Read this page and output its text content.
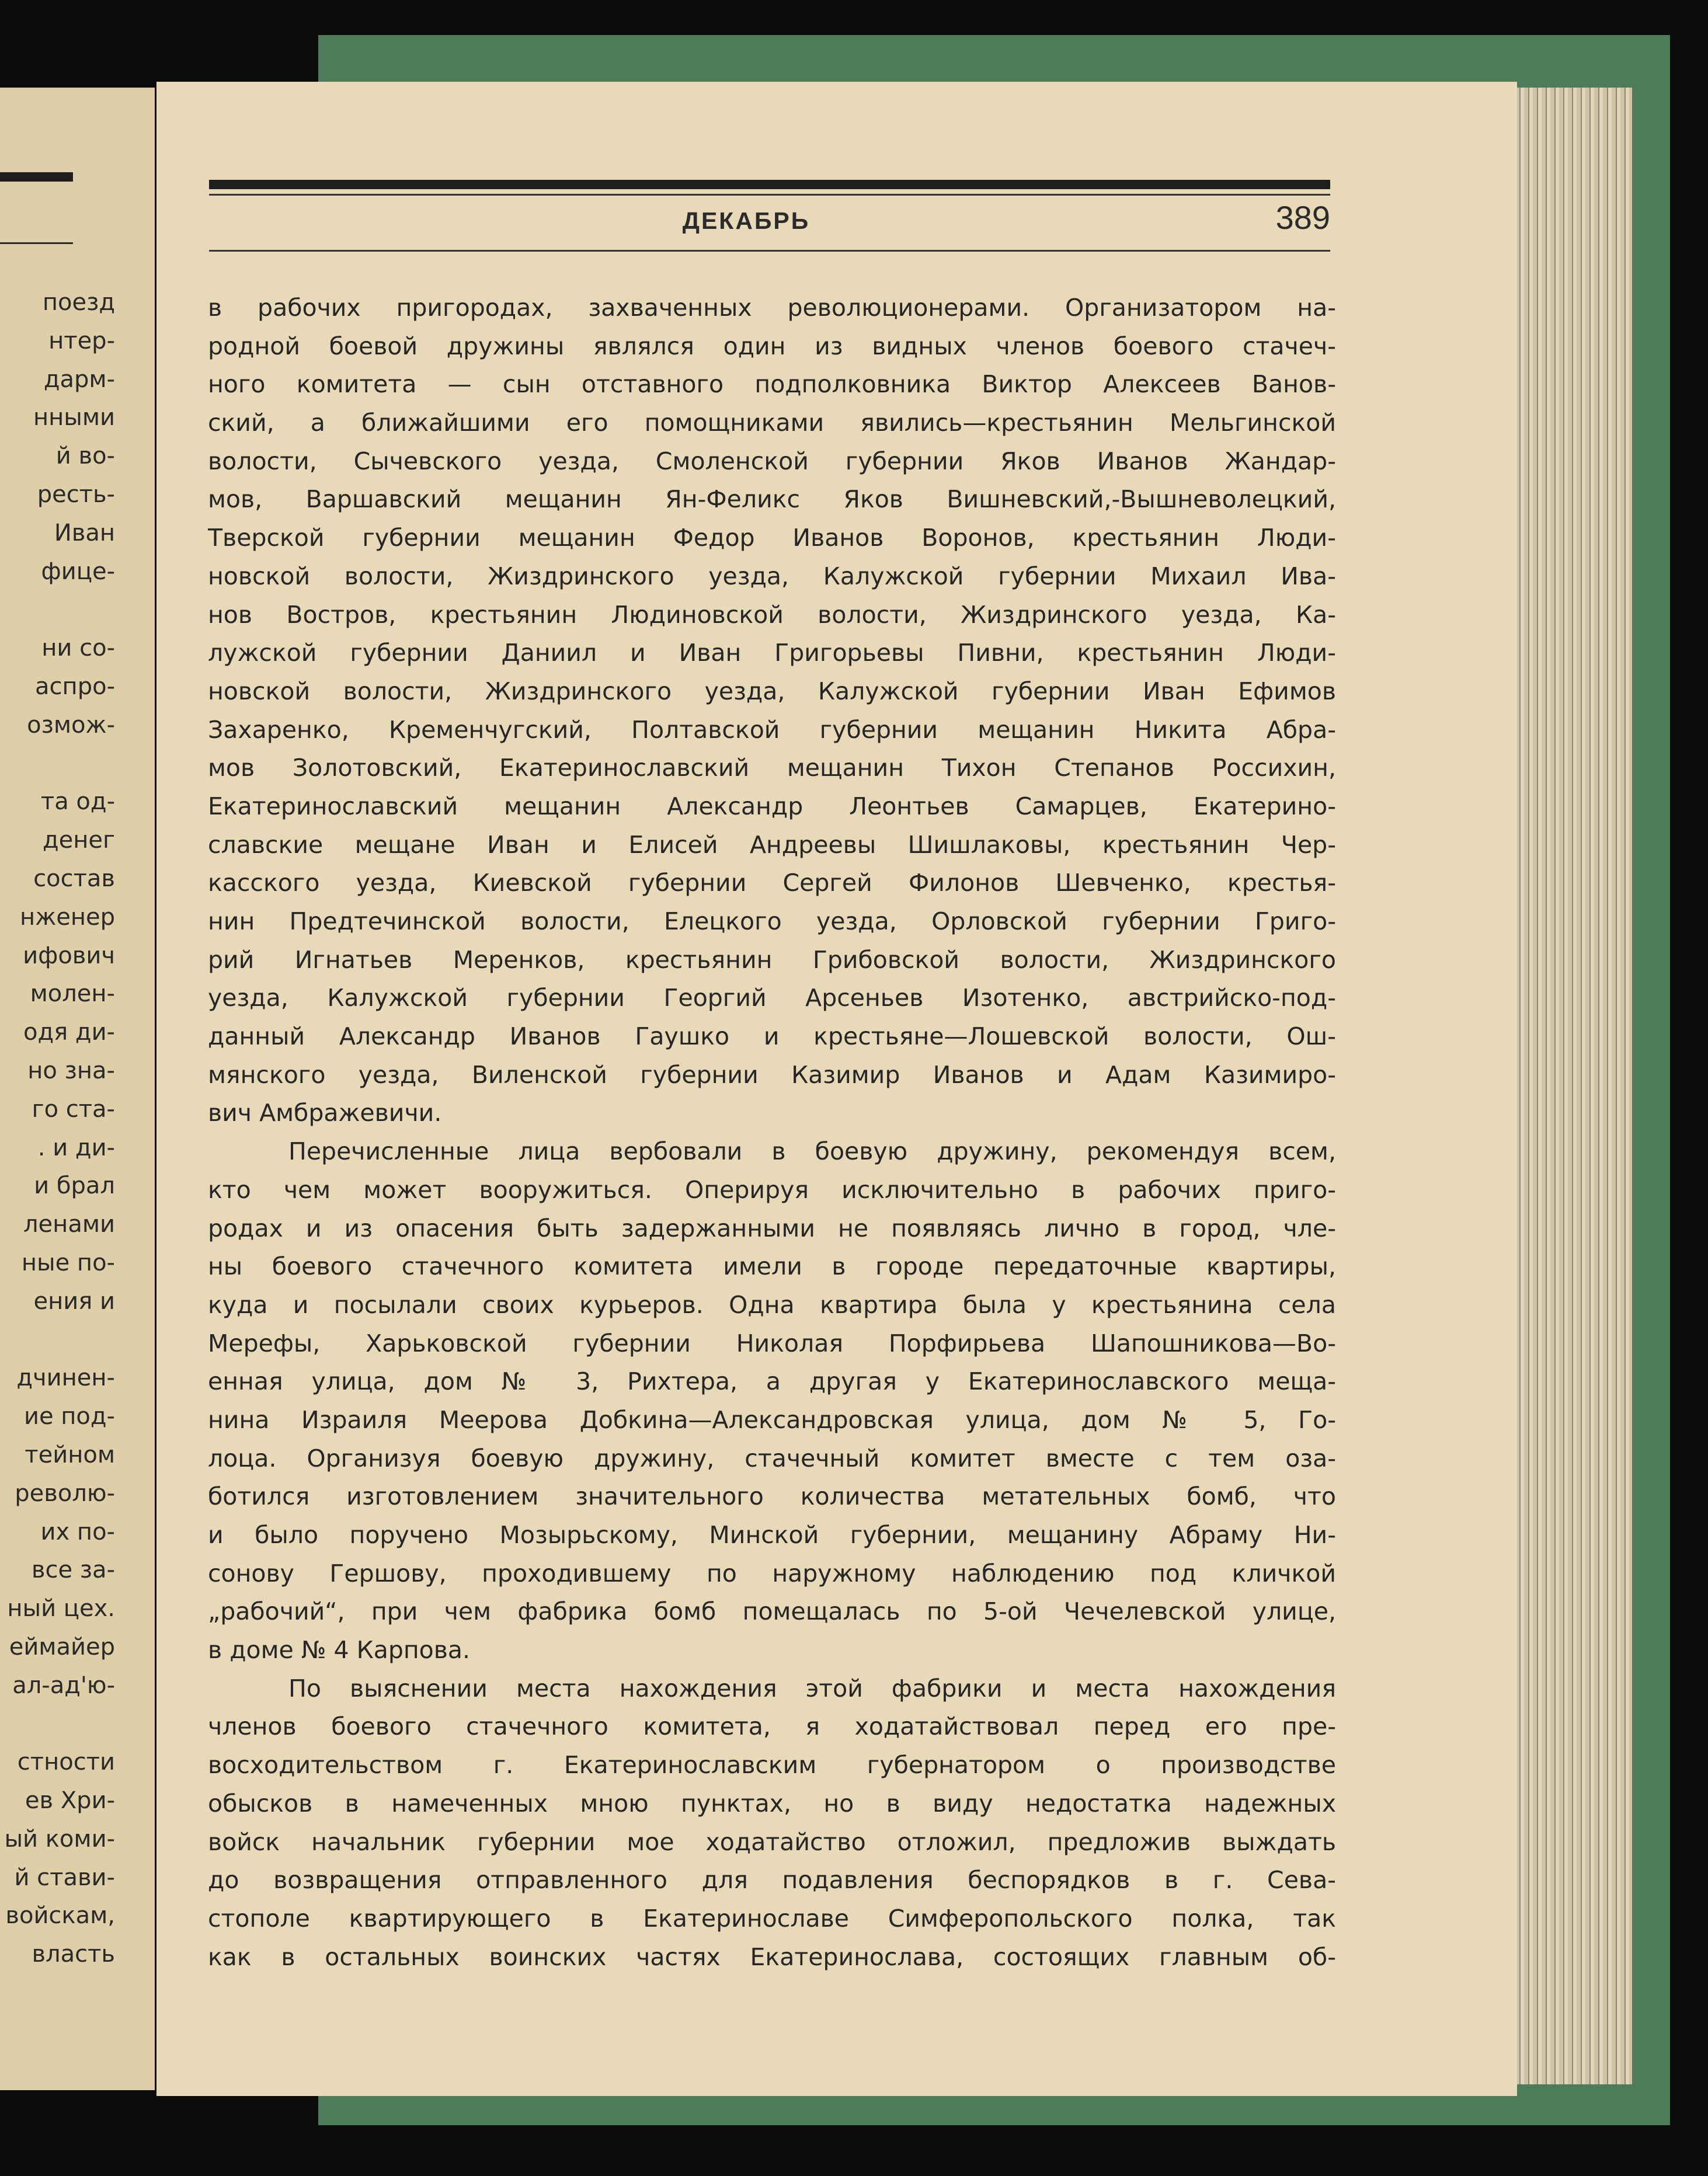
поезд
нтер-
дарм-
нными
й во-
ресть-
Иван
фице-
ни со-
аспро-
озмож-
та од-
денег
состав
нженер
ифович
молен-
одя ди-
но зна-
го ста-
. и ди-
и брал
ленами
ные по-
ения и
дчинен-
ие под-
тейном
револю-
их по-
все за-
ный цех.
еймайер
ал-ад'ю-
стности
ев Хри-
ый коми-
й стави-
войскам,
власть
ДЕКАБРЬ	389
в рабочих пригородах, захваченных революционерами. Организатором на-
родной боевой дружины являлся один из видных членов боевого стачеч-
ного комитета — сын отставного подполковника Виктор Алексеев Ванов-
ский, а ближайшими его помощниками явились—крестьянин Мельгинской
волости, Сычевского уезда, Смоленской губернии Яков Иванов Жандар-
мов, Варшавский мещанин Ян-Феликс Яков Вишневский,-Вышневолецкий,
Тверской губернии мещанин Федор Иванов Воронов, крестьянин Люди-
новской волости, Жиздринского уезда, Калужской губернии Михаил Ива-
нов Востров, крестьянин Людиновской волости, Жиздринского уезда, Ка-
лужской губернии Даниил и Иван Григорьевы Пивни, крестьянин Люди-
новской волости, Жиздринского уезда, Калужской губернии Иван Ефимов
Захаренко, Кременчугский, Полтавской губернии мещанин Никита Абра-
мов Золотовский, Екатеринославский мещанин Тихон Степанов Россихин,
Екатеринославский мещанин Александр Леонтьев Самарцев, Екатерино-
славские мещане Иван и Елисей Андреевы Шишлаковы, крестьянин Чер-
касского уезда, Киевской губернии Сергей Филонов Шевченко, крестья-
нин Предтечинской волости, Елецкого уезда, Орловской губернии Григо-
рий Игнатьев Меренков, крестьянин Грибовской волости, Жиздринского
уезда, Калужской губернии Георгий Арсеньев Изотенко, австрийско-под-
данный Александр Иванов Гаушко и крестьяне—Лошевской волости, Ош-
мянского уезда, Виленской губернии Казимир Иванов и Адам Казимиро-
вич Амбражевичи.
Перечисленные лица вербовали в боевую дружину, рекомендуя всем,
кто чем может вооружиться. Оперируя исключительно в рабочих приго-
родах и из опасения быть задержанными не появляясь лично в город, чле-
ны боевого стачечного комитета имели в городе передаточные квартиры,
куда и посылали своих курьеров. Одна квартира была у крестьянина села
Мерефы, Харьковской губернии Николая Порфирьева Шапошникова—Во-
енная улица, дом № 3, Рихтера, а другая у Екатеринославского меща-
нина Израиля Меерова Добкина—Александровская улица, дом № 5, Го-
лоца. Организуя боевую дружину, стачечный комитет вместе с тем оза-
ботился изготовлением значительного количества метательных бомб, что
и было поручено Мозырьскому, Минской губернии, мещанину Абраму Ни-
сонову Гершову, проходившему по наружному наблюдению под кличкой
„рабочий“, при чем фабрика бомб помещалась по 5-ой Чечелевской улице,
в доме № 4 Карпова.
По выяснении места нахождения этой фабрики и места нахождения
членов боевого стачечного комитета, я ходатайствовал перед его пре-
восходительством г. Екатеринославским губернатором о производстве
обысков в намеченных мною пунктах, но в виду недостатка надежных
войск начальник губернии мое ходатайство отложил, предложив выждать
до возвращения отправленного для подавления беспорядков в г. Сева-
стополе квартирующего в Екатеринославе Симферопольского полка, так
как в остальных воинских частях Екатеринослава, состоящих главным об-
